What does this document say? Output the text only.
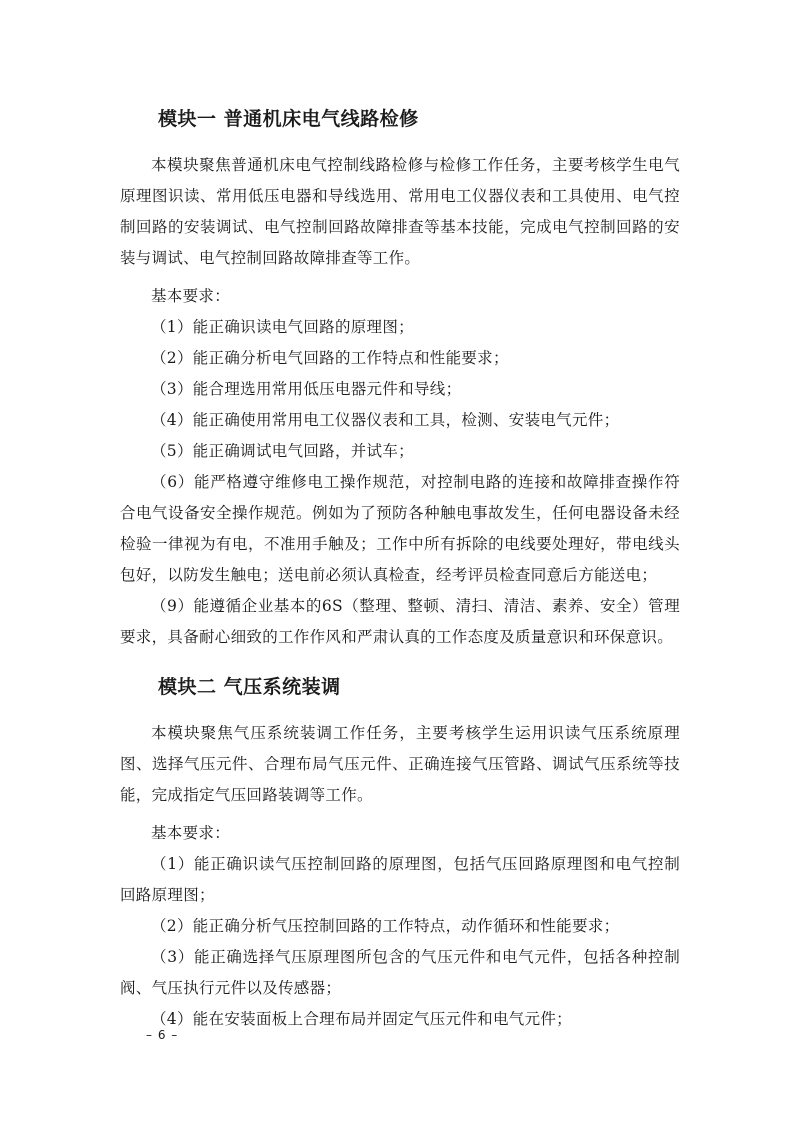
模块一 普通机床电气线路检修

本模块聚焦普通机床电气控制线路检修与检修工作任务，主要考核学生电气原理图识读、常用低压电器和导线选用、常用电工仪器仪表和工具使用、电气控制回路的安装调试、电气控制回路故障排查等基本技能，完成电气控制回路的安装与调试、电气控制回路故障排查等工作。

基本要求：

（1）能正确识读电气回路的原理图；

（2）能正确分析电气回路的工作特点和性能要求；

（3）能合理选用常用低压电器元件和导线；

（4）能正确使用常用电工仪器仪表和工具，检测、安装电气元件；

（5）能正确调试电气回路，并试车；

（6）能严格遵守维修电工操作规范，对控制电路的连接和故障排查操作符合电气设备安全操作规范。例如为了预防各种触电事故发生，任何电器设备未经检验一律视为有电，不准用手触及；工作中所有拆除的电线要处理好，带电线头包好，以防发生触电；送电前必须认真检查，经考评员检查同意后方能送电；

（9）能遵循企业基本的6S（整理、整顿、清扫、清洁、素养、安全）管理要求，具备耐心细致的工作作风和严肃认真的工作态度及质量意识和环保意识。

模块二 气压系统装调

本模块聚焦气压系统装调工作任务，主要考核学生运用识读气压系统原理图、选择气压元件、合理布局气压元件、正确连接气压管路、调试气压系统等技能，完成指定气压回路装调等工作。

基本要求：

（1）能正确识读气压控制回路的原理图，包括气压回路原理图和电气控制回路原理图；

（2）能正确分析气压控制回路的工作特点，动作循环和性能要求；

（3）能正确选择气压原理图所包含的气压元件和电气元件，包括各种控制阀、气压执行元件以及传感器；

（4）能在安装面板上合理布局并固定气压元件和电气元件；

– 6 –
